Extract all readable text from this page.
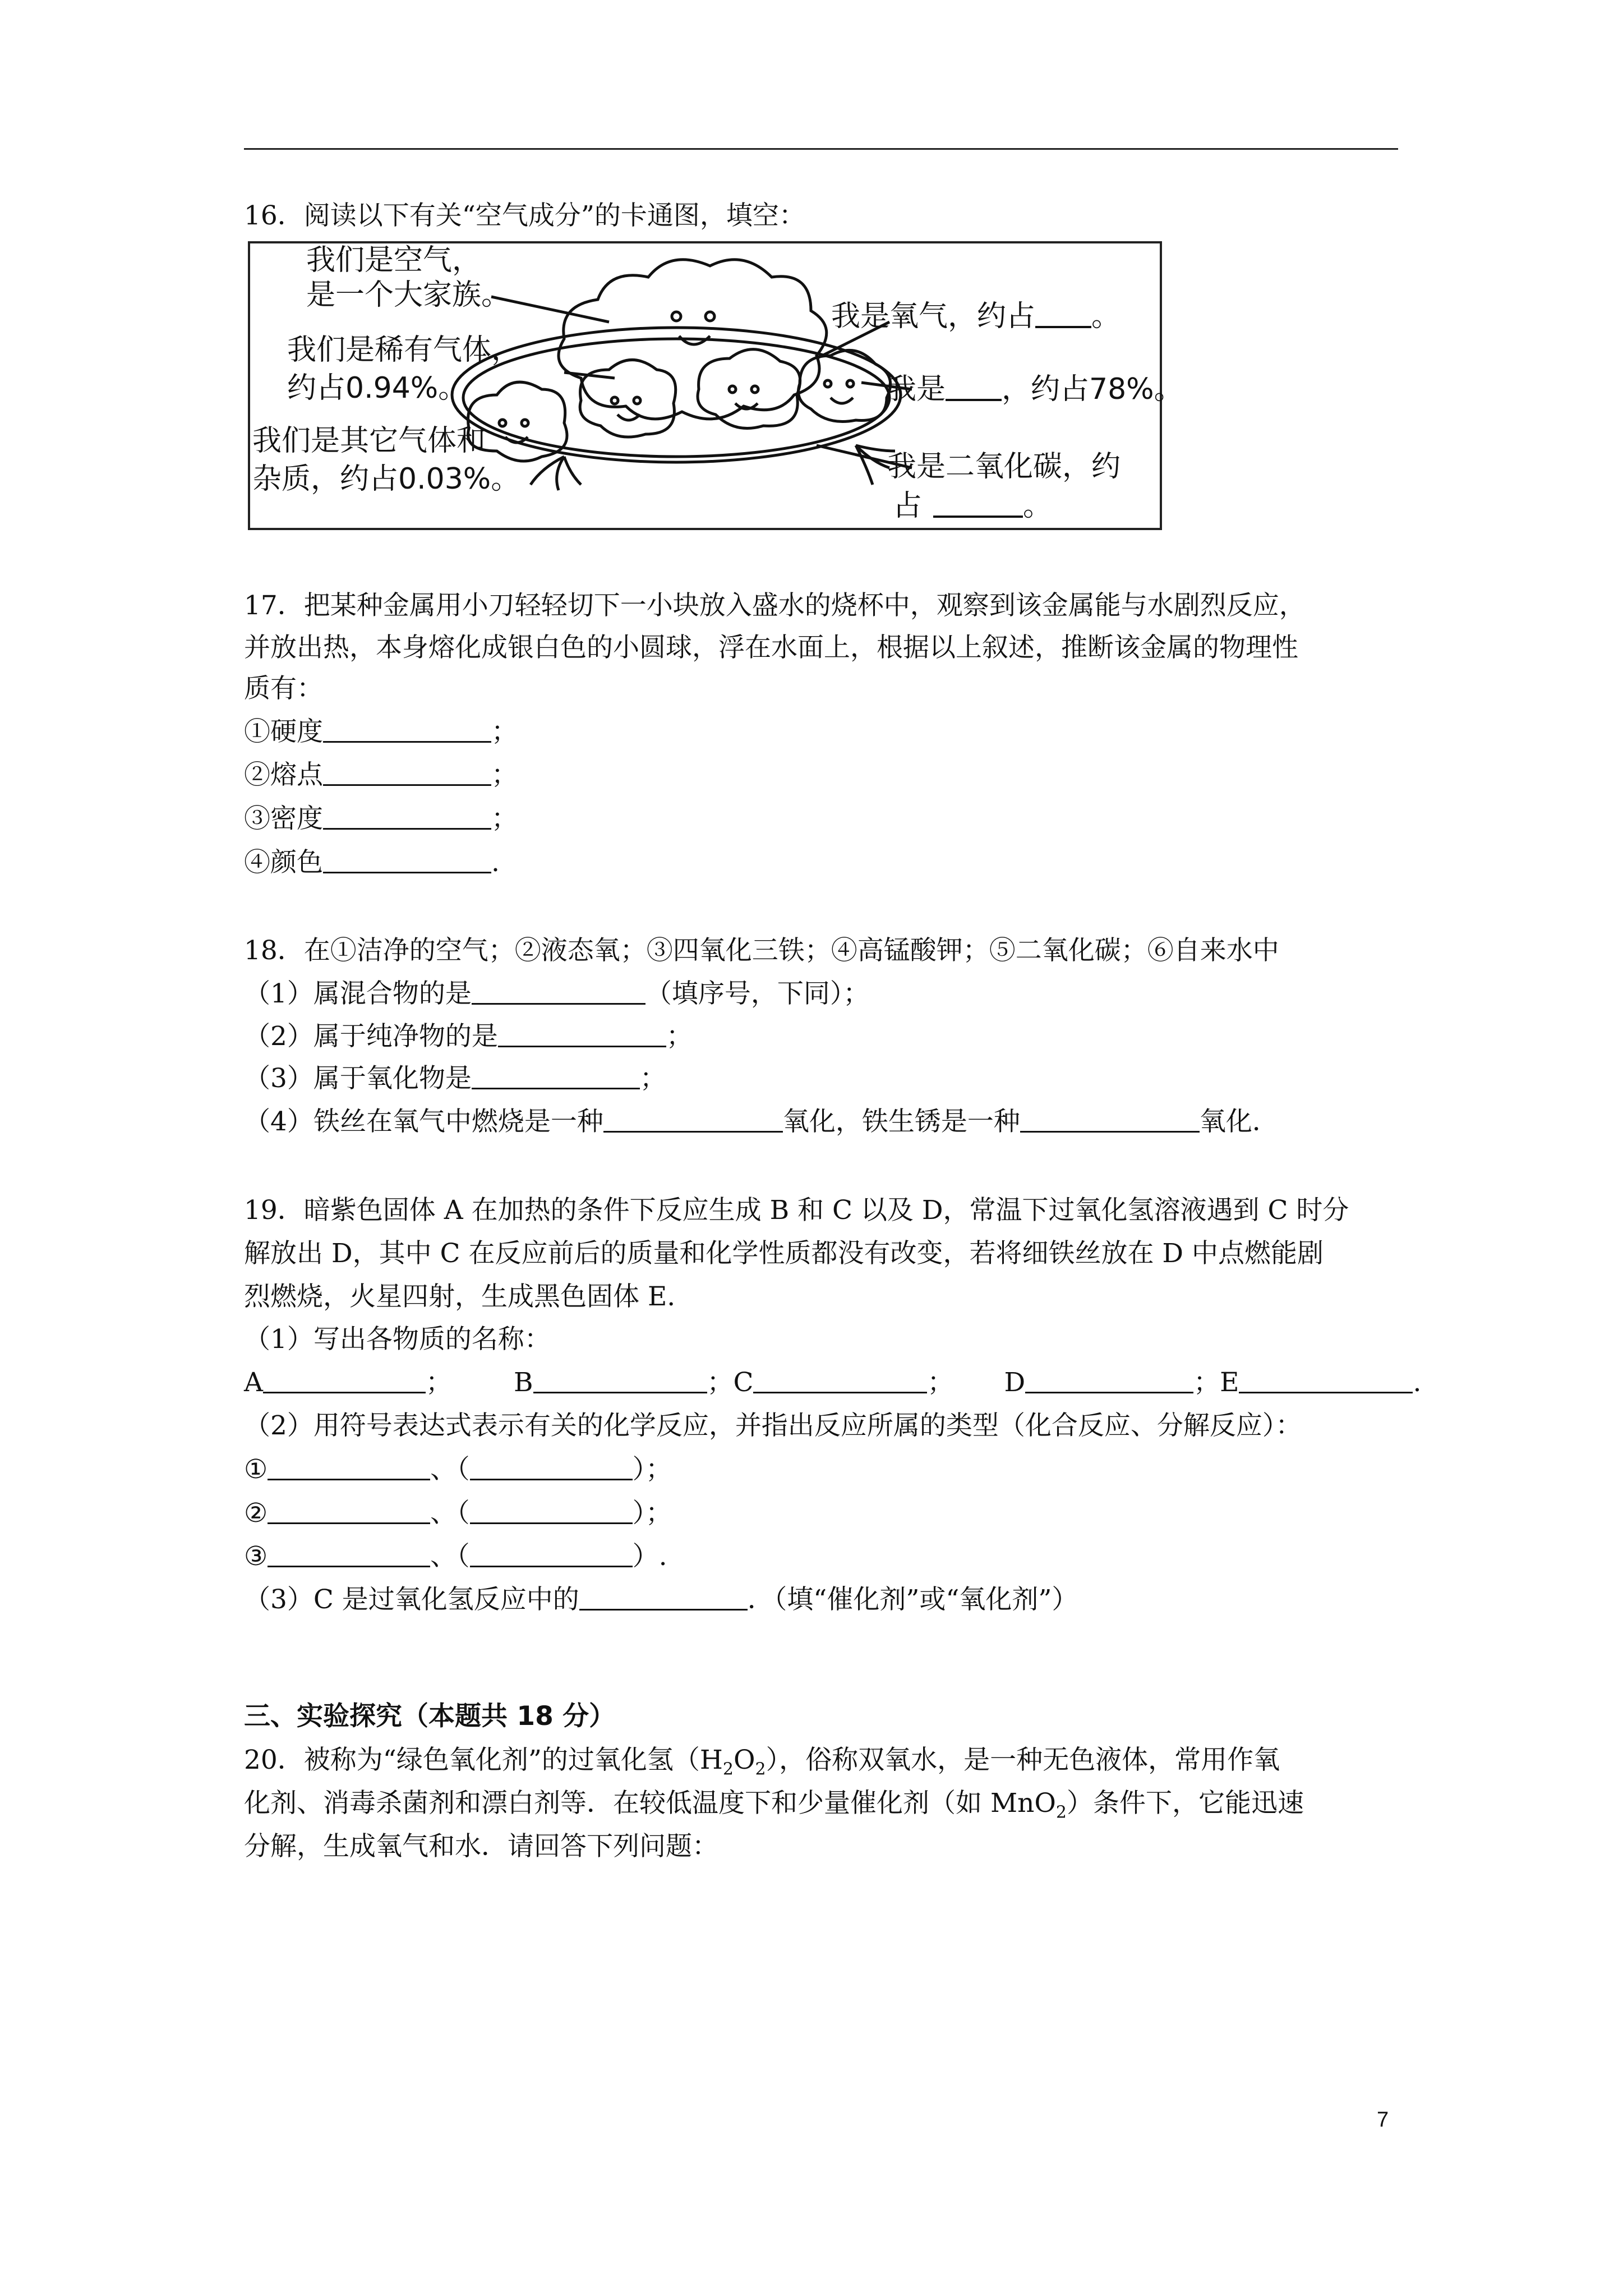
16．阅读以下有关“空气成分”的卡通图，填空：
我们是空气，
是一个大家族。
我们是稀有气体，
约占0.94%。
我们是其它气体和
杂质，约占0.03%。
我是氧气，约占 。
我是 ，约占78%。
我是二氧化碳，约
占	。
17．把某种金属用小刀轻轻切下一小块放入盛水的烧杯中，观察到该金属能与水剧烈反应，
并放出热，本身熔化成银白色的小圆球，浮在水面上，根据以上叙述，推断该金属的物理性
质有：
①硬度	；
②熔点	；
③密度	；
④颜色	.
18．在①洁净的空气；②液态氧；③四氧化三铁；④高锰酸钾；⑤二氧化碳；⑥自来水中
（1）属混合物的是	（填序号，下同）；
（2）属于纯净物的是	；
（3）属于氧化物是	；
（4）铁丝在氧气中燃烧是一种	氧化，铁生锈是一种	氧化．
19．暗紫色固体 A 在加热的条件下反应生成 B 和 C 以及 D，常温下过氧化氢溶液遇到 C 时分
解放出 D，其中 C 在反应前后的质量和化学性质都没有改变，若将细铁丝放在 D 中点燃能剧
烈燃烧，火星四射，生成黑色固体 E.
（1）写出各物质的名称：
A	； B	；C	； D	；E	.
（2）用符号表达式表示有关的化学反应，并指出反应所属的类型（化合反应、分解反应）：
①	、（	）；
②	、（	）；
③	、（	）.
（3）C 是过氧化氢反应中的	．（填“催化剂”或“氧化剂”）
三、实验探究（本题共 18 分）
20．被称为“绿色氧化剂”的过氧化氢$(H_2O_2)$，俗称双氧水，是一种无色液体，常用作氧
化剂、消毒杀菌剂和漂白剂等．在较低温度下和少量催化剂（如 MnO$_2$）条件下，它能迅速
分解，生成氧气和水．请回答下列问题：
7
